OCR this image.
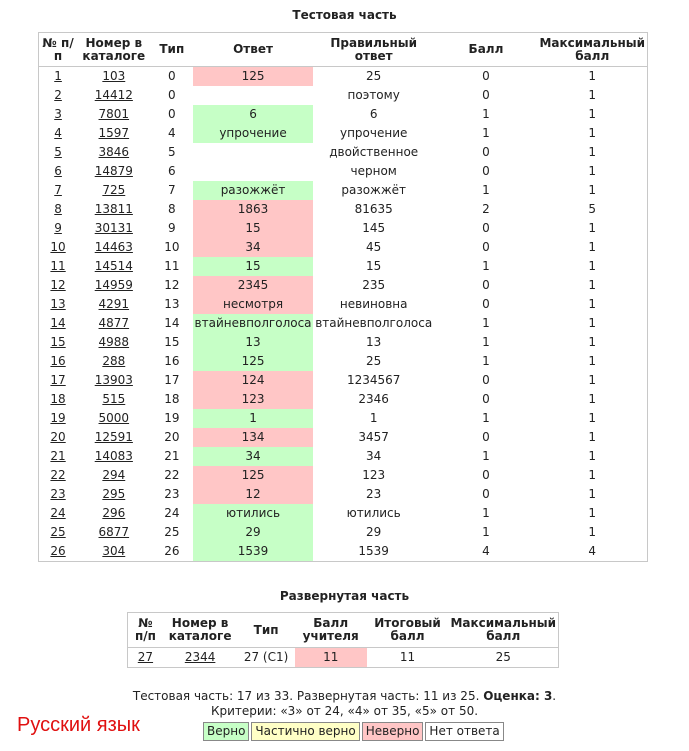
Тестовая часть
№ п/п	Номер в каталоге	Тип	Ответ	Правильный ответ	Балл	Максимальный балл
1	103	0	125	25	0	1
2	14412	0		поэтому	0	1
3	7801	0	6	6	1	1
4	1597	4	упрочение	упрочение	1	1
5	3846	5		двойственное	0	1
6	14879	6		черном	0	1
7	725	7	разожжёт	разожжёт	1	1
8	13811	8	1863	81635	2	5
9	30131	9	15	145	0	1
10	14463	10	34	45	0	1
11	14514	11	15	15	1	1
12	14959	12	2345	235	0	1
13	4291	13	несмотря	невиновна	0	1
14	4877	14	втайневполголоса	втайневполголоса	1	1
15	4988	15	13	13	1	1
16	288	16	125	25	1	1
17	13903	17	124	1234567	0	1
18	515	18	123	2346	0	1
19	5000	19	1	1	1	1
20	12591	20	134	3457	0	1
21	14083	21	34	34	1	1
22	294	22	125	123	0	1
23	295	23	12	23	0	1
24	296	24	ютились	ютились	1	1
25	6877	25	29	29	1	1
26	304	26	1539	1539	4	4
Развернутая часть
№ п/п	Номер в каталоге	Тип	Балл учителя	Итоговый балл	Максимальный балл
27	2344	27 (C1)	11	11	25
Тестовая часть: 17 из 33. Развернутая часть: 11 из 25. Оценка: 3.
Критерии: «3» от 24, «4» от 35, «5» от 50.
Русский язык	Верно Частично верно Неверно Нет ответа
